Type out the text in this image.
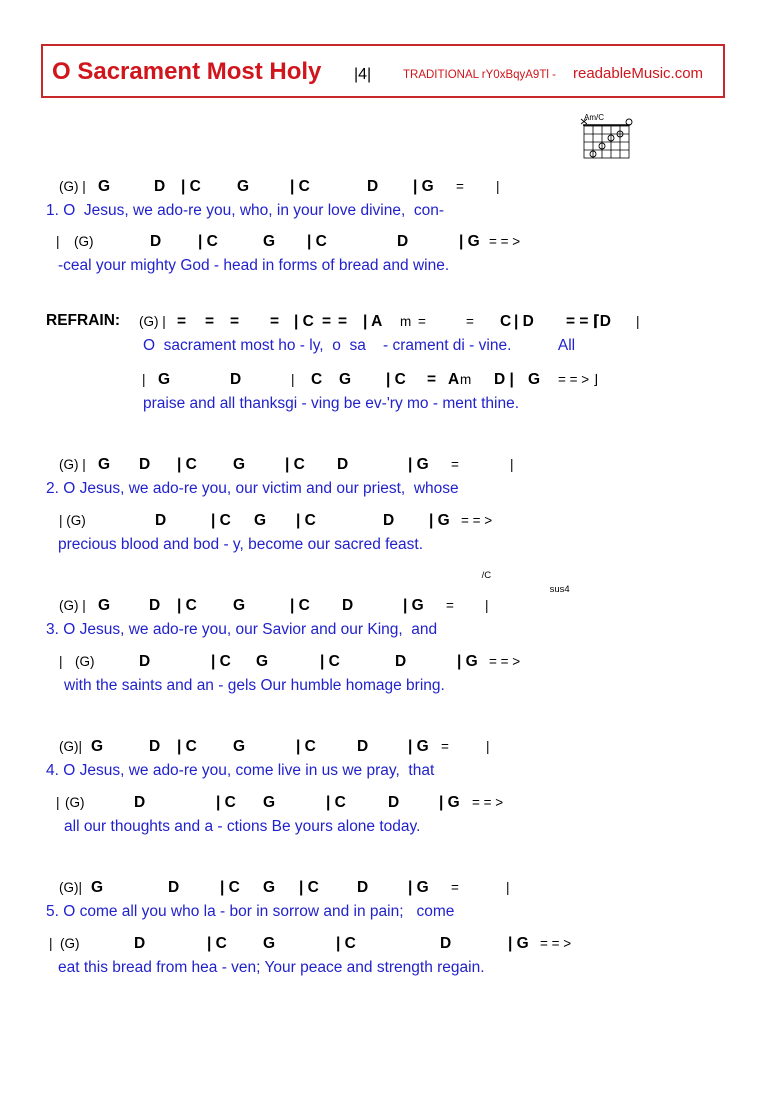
O Sacrament Most Holy |4|	TRADITIONAL rY0xBqyA9Tl - readableMusic.com
Am/C
REFRAIN:

(G) |

G

	D

| C

G

	| C

	D

| G

=

|

1. O  Jesus, we ado-re you, who, in your love divine,  con-

|

(G)

	D

| C

	G

| C

	D

	| G

= = >

-ceal your mighty God - head in forms of bread and wine.

(G) |

=

=

=

=

| C

=

=

| A

m

=

	=

C

| D

$^{sus4}$

= = ⌈D

|

O  sacrament most ho - ly,  o  sa    - crament di - vine.           All

|

G

	D

	|

C

G

| C

=

A

m

$^{/C}$

D |

G

= = > ⌋

praise and all thanksgi - ving be ev-'ry mo - ment thine.

(G) |

G

D

| C

G

	| C

D

	| G

=

	|

2. O Jesus, we ado-re you, our victim and our priest,  whose

| (G)

	D

	| C

G

| C

	D

| G

= = >

precious blood and bod - y, become our sacred feast.

(G) |

G

	D

| C

G

	| C

D

	| G

=

|

3. O Jesus, we ado-re you, our Savior and our King,  and

|

(G)

	D

	| C

G

	| C

	D

	| G

= = >

with the saints and an - gels Our humble homage bring.

(G)|

G

	D

| C

G

	| C

	D

	| G

=

	|

4. O Jesus, we ado-re you, come live in us we pray,  that

|

(G)

	D

	| C

G

	| C

	D

	| G

= = >

all our thoughts and a - ctions Be yours alone today.

(G)|

G

	D

	| C

G

| C

D

	| G

=

	|

5. O come all you who la - bor in sorrow and in pain;   come

|

(G)

	D

	| C

G

	| C

	D

	| G

= = >

eat this bread from hea - ven; Your peace and strength regain.
